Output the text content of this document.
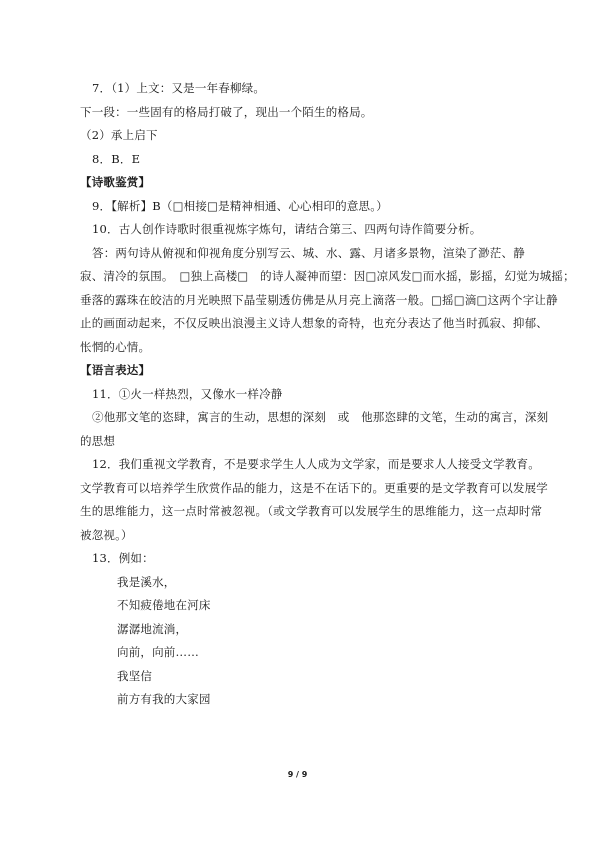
7．（1）上文：又是一年春柳绿。
下一段：一些固有的格局打破了，现出一个陌生的格局。
（2）承上启下
8．B．E
【诗歌鉴赏】
9．【解析】B（□相接□是精神相通、心心相印的意思。）
10．古人创作诗歌时很重视炼字炼句，请结合第三、四两句诗作简要分析。
答：两句诗从俯视和仰视角度分别写云、城、水、露、月诸多景物，渲染了渺茫、静
寂、清冷的氛围。　□独上高楼□　的诗人凝神而望：因□凉风发□而水摇，影摇，幻觉为城摇；
垂落的露珠在皎洁的月光映照下晶莹剔透仿佛是从月亮上滴落一般。□摇□滴□这两个字让静
止的画面动起来，不仅反映出浪漫主义诗人想象的奇特，也充分表达了他当时孤寂、抑郁、
怅惘的心情。
【语言表达】
11．①火一样热烈，又像水一样冷静
②他那文笔的恣肆，寓言的生动，思想的深刻　或　他那恣肆的文笔，生动的寓言，深刻
的思想
12．我们重视文学教育，不是要求学生人人成为文学家，而是要求人人接受文学教育。
文学教育可以培养学生欣赏作品的能力，这是不在话下的。更重要的是文学教育可以发展学
生的思维能力，这一点时常被忽视。（或文学教育可以发展学生的思维能力，这一点却时常
被忽视。）
13．例如：
我是溪水，
不知疲倦地在河床
潺潺地流淌，
向前，向前……
我坚信
前方有我的大家园
9 / 9
